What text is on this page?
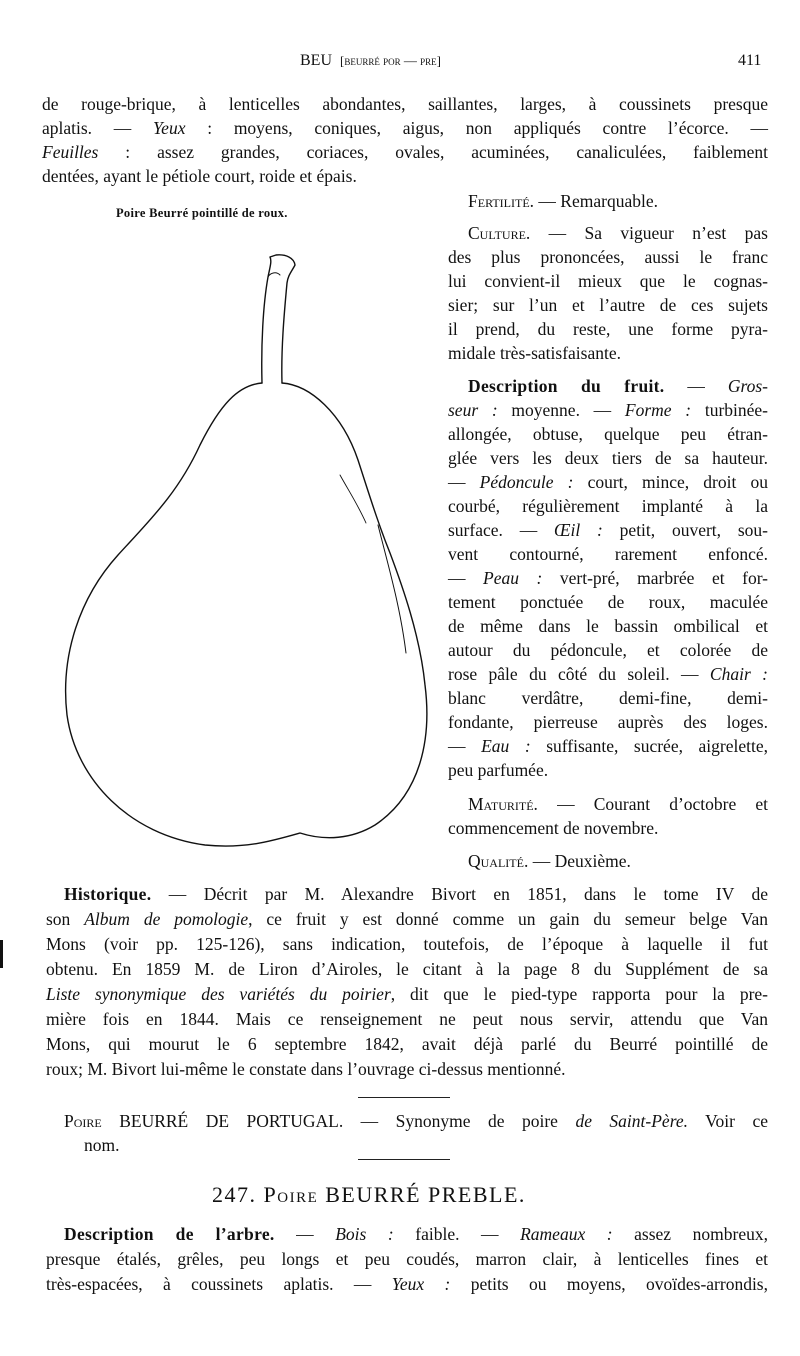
BEU [beurré por — pre]	411
de rouge-brique, à lenticelles abondantes, saillantes, larges, à coussinets presque
aplatis. — Yeux : moyens, coniques, aigus, non appliqués contre l’écorce. —
Feuilles : assez grandes, coriaces, ovales, acuminées, canaliculées, faiblement
dentées, ayant le pétiole court, roide et épais.
Poire Beurré pointillé de roux.
Fertilité. — Remarquable.
Culture. — Sa vigueur n’est pas
des plus prononcées, aussi le franc
lui convient-il mieux que le cognas-
sier; sur l’un et l’autre de ces sujets
il prend, du reste, une forme pyra-
midale très-satisfaisante.
Description du fruit. — Gros-
seur : moyenne. — Forme : turbinée-
allongée, obtuse, quelque peu étran-
glée vers les deux tiers de sa hauteur.
— Pédoncule : court, mince, droit ou
courbé, régulièrement implanté à la
surface. — Œil : petit, ouvert, sou-
vent contourné, rarement enfoncé.
— Peau : vert-pré, marbrée et for-
tement ponctuée de roux, maculée
de même dans le bassin ombilical et
autour du pédoncule, et colorée de
rose pâle du côté du soleil. — Chair :
blanc verdâtre, demi-fine, demi-
fondante, pierreuse auprès des loges.
— Eau : suffisante, sucrée, aigrelette,
peu parfumée.
Maturité. — Courant d’octobre et
commencement de novembre.
Qualité. — Deuxième.
Historique. — Décrit par M. Alexandre Bivort en 1851, dans le tome IV de
son Album de pomologie, ce fruit y est donné comme un gain du semeur belge Van
Mons (voir pp. 125-126), sans indication, toutefois, de l’époque à laquelle il fut
obtenu. En 1859 M. de Liron d’Airoles, le citant à la page 8 du Supplément de sa
Liste synonymique des variétés du poirier, dit que le pied-type rapporta pour la pre-
mière fois en 1844. Mais ce renseignement ne peut nous servir, attendu que Van
Mons, qui mourut le 6 septembre 1842, avait déjà parlé du Beurré pointillé de
roux; M. Bivort lui-même le constate dans l’ouvrage ci-dessus mentionné.
Poire BEURRÉ DE PORTUGAL. — Synonyme de poire de Saint-Père. Voir ce
nom.
247. Poire BEURRÉ PREBLE.
Description de l’arbre. — Bois : faible. — Rameaux : assez nombreux,
presque étalés, grêles, peu longs et peu coudés, marron clair, à lenticelles fines et
très-espacées, à coussinets aplatis. — Yeux : petits ou moyens, ovoïdes-arrondis,
